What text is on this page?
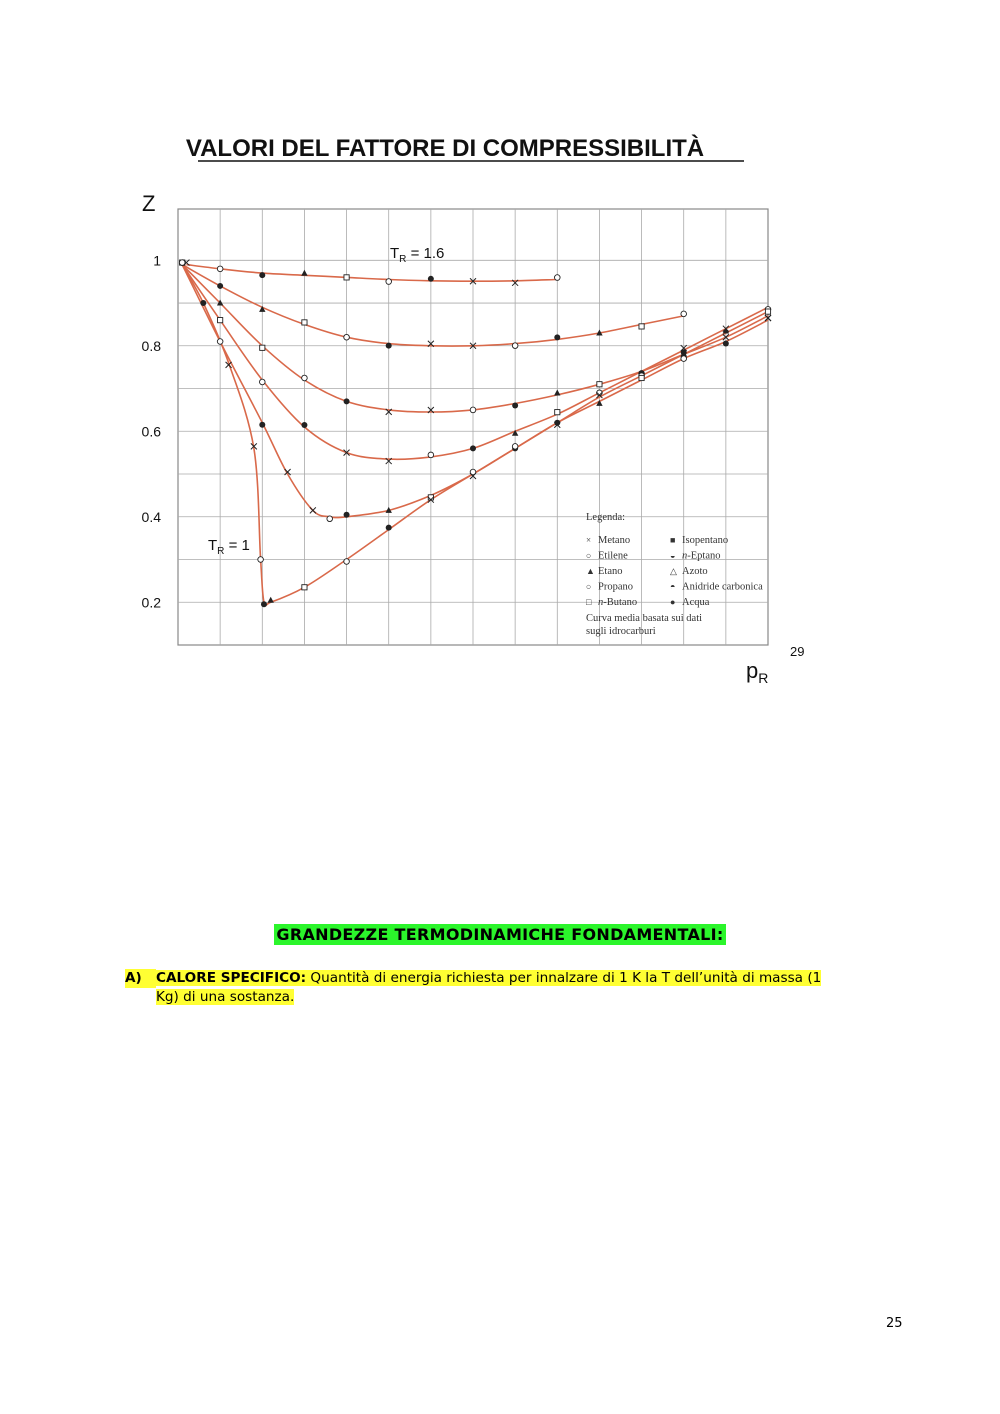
VALORI DEL FATTORE DI COMPRESSIBILITÀ
Z
1
0.8
0.6
0.4
0.2
$T_R = 1.6$
$T_R = 1$
Legenda:
× Metano	■ Isopentano
○ Etilene	◒ n-Eptano
▲ Etano	△ Azoto
○ Propano	◓ Anidride carbonica
□ n-Butano	● Acqua
Curva media basata sui dati
sugli idrocarburi
29
$p_R$
GRANDEZZE TERMODINAMICHE FONDAMENTALI:
A) CALORE SPECIFICO: Quantità di energia richiesta per innalzare di 1 K la T dell’unità di massa (1
Kg) di una sostanza.
25
